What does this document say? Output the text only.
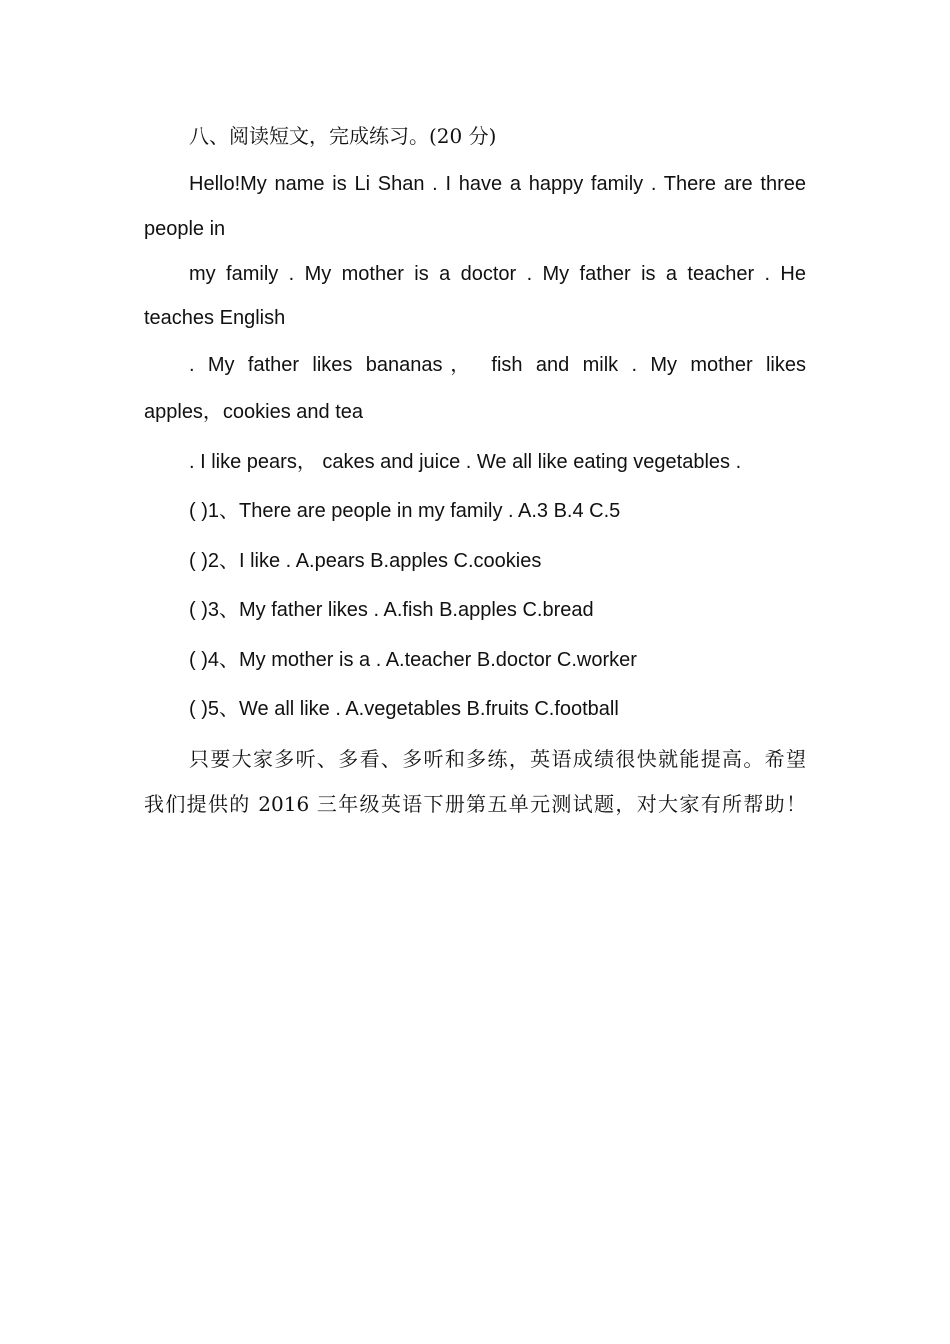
八、阅读短文，完成练习。(20 分)
Hello!My name is Li Shan . I have a happy family . There are three
people in
my family . My mother is a doctor . My father is a teacher . He
teaches English
. My father likes bananas， fish and milk . My mother likes
apples，cookies and tea
. I like pears， cakes and juice . We all like eating vegetables .
( )1、There are people in my family . A.3 B.4 C.5
( )2、I like . A.pears B.apples C.cookies
( )3、My father likes . A.fish B.apples C.bread
( )4、My mother is a . A.teacher B.doctor C.worker
( )5、We all like . A.vegetables B.fruits C.football
只要大家多听、多看、多听和多练，英语成绩很快就能提高。希望
我们提供的 2016 三年级英语下册第五单元测试题，对大家有所帮助！
